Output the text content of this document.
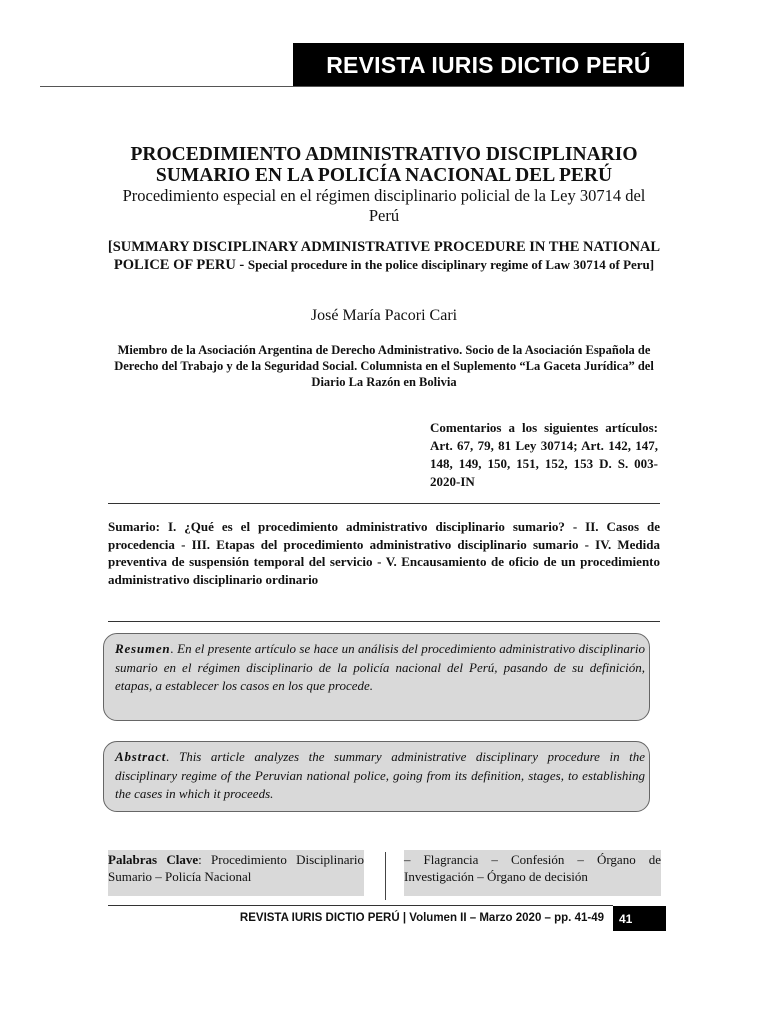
REVISTA IURIS DICTIO PERÚ
PROCEDIMIENTO ADMINISTRATIVO DISCIPLINARIO
SUMARIO EN LA POLICÍA NACIONAL DEL PERÚ
Procedimiento especial en el régimen disciplinario policial de la Ley 30714 del Perú
[SUMMARY DISCIPLINARY ADMINISTRATIVE PROCEDURE IN THE NATIONAL POLICE OF PERU - Special procedure in the police disciplinary regime of Law 30714 of Peru]
José María Pacori Cari
Miembro de la Asociación Argentina de Derecho Administrativo. Socio de la Asociación Española de Derecho del Trabajo y de la Seguridad Social. Columnista en el Suplemento “La Gaceta Jurídica” del Diario La Razón en Bolivia
Comentarios a los siguientes artículos: Art. 67, 79, 81 Ley 30714; Art. 142, 147, 148, 149, 150, 151, 152, 153 D. S. 003-2020-IN
Sumario: I. ¿Qué es el procedimiento administrativo disciplinario sumario? - II. Casos de procedencia - III. Etapas del procedimiento administrativo disciplinario sumario - IV. Medida preventiva de suspensión temporal del servicio - V. Encausamiento de oficio de un procedimiento administrativo disciplinario ordinario
Resumen. En el presente artículo se hace un análisis del procedimiento administrativo disciplinario sumario en el régimen disciplinario de la policía nacional del Perú, pasando de su definición, etapas, a establecer los casos en los que procede.
Abstract. This article analyzes the summary administrative disciplinary procedure in the disciplinary regime of the Peruvian national police, going from its definition, stages, to establishing the cases in which it proceeds.
Palabras Clave: Procedimiento Disciplinario Sumario – Policía Nacional
– Flagrancia – Confesión – Órgano de Investigación – Órgano de decisión
REVISTA IURIS DICTIO PERÚ | Volumen II – Marzo 2020 – pp. 41-49	41
